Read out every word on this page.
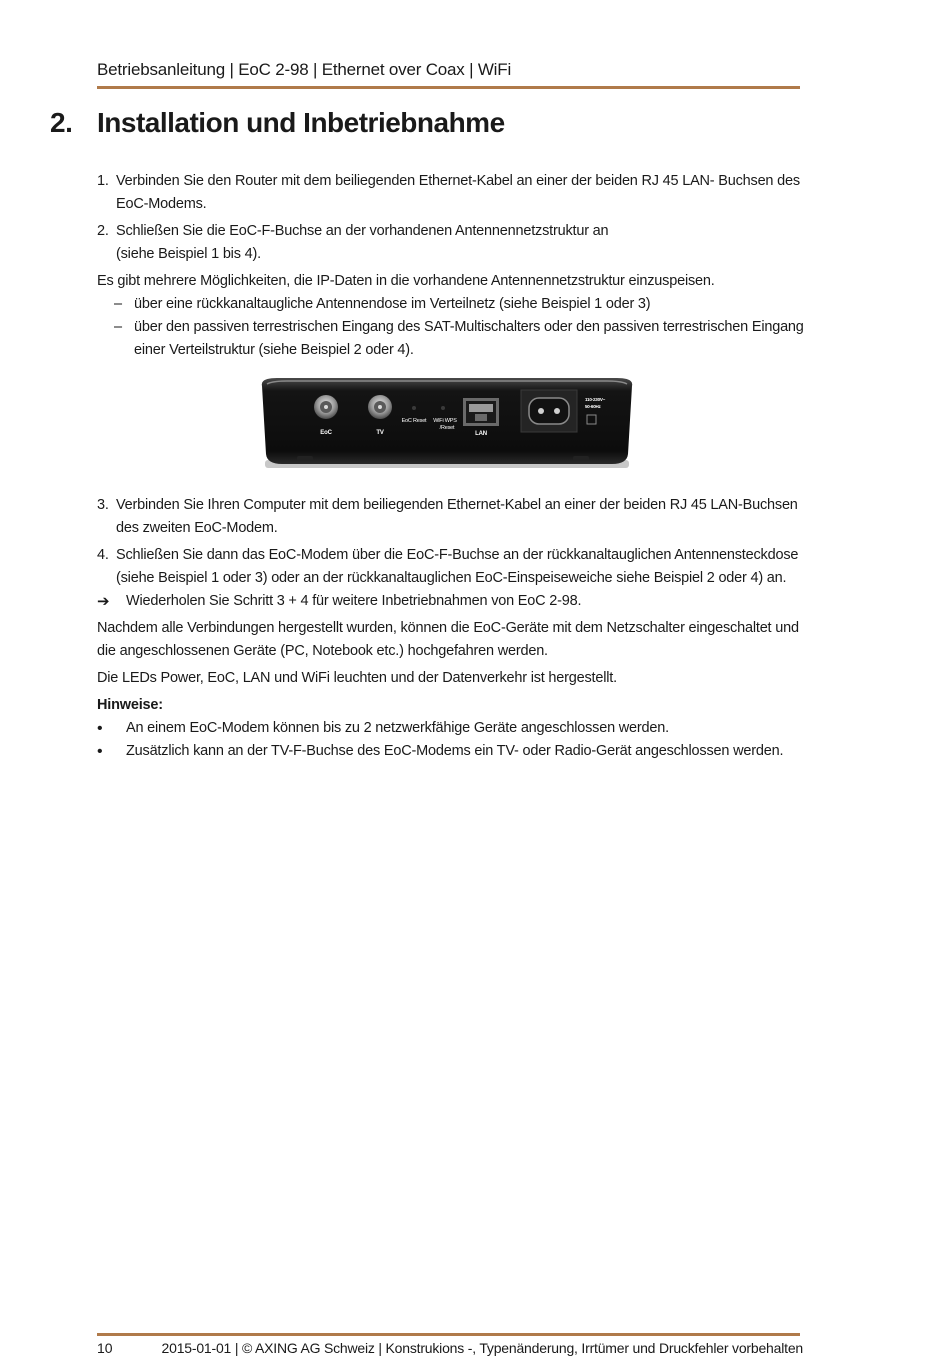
Betriebsanleitung | EoC 2-98 | Ethernet over Coax | WiFi
2. Installation und Inbetriebnahme
1. Verbinden Sie den Router mit dem beiliegenden Ethernet-Kabel an einer der beiden RJ 45 LAN- Buchsen des EoC-Modems.
2. Schließen Sie die EoC-F-Buchse an der vorhandenen Antennennetzstruktur an
(siehe Beispiel 1 bis 4).

Es gibt mehrere Möglichkeiten, die IP-Daten in die vorhandene Antennennetzstruktur einzuspeisen.

– über eine rückkanaltaugliche Antennendose im Verteilnetz (siehe Beispiel 1 oder 3)
– über den passiven terrestrischen Eingang des SAT-Multischalters oder den passiven terrestrischen Eingang einer Verteilstruktur (siehe Beispiel 2 oder 4).
EoC	TV
EoC Reset WiFi WPS
/Reset
LAN
110-230V~
50-60Hz
3. Verbinden Sie Ihren Computer mit dem beiliegenden Ethernet-Kabel an einer der beiden RJ 45 LAN-Buchsen des zweiten EoC-Modem.
4. Schließen Sie dann das EoC-Modem über die EoC-F-Buchse an der rückkanaltauglichen Antennensteckdose
(siehe Beispiel 1 oder 3) oder an der rückkanaltauglichen EoC-Einspeiseweiche siehe Beispiel 2 oder 4) an.
➔	Wiederholen Sie Schritt 3 + 4 für weitere Inbetriebnahmen von EoC 2-98.

Nachdem alle Verbindungen hergestellt wurden, können die EoC-Geräte mit dem Netzschalter eingeschaltet und die angeschlossenen Geräte (PC, Notebook etc.) hochgefahren werden.

Die LEDs Power, EoC, LAN und WiFi leuchten und der Datenverkehr ist hergestellt.

Hinweise:
•	An einem EoC-Modem können bis zu 2 netzwerkfähige Geräte angeschlossen werden.
•	Zusätzlich kann an der TV-F-Buchse des EoC-Modems ein TV- oder Radio-Gerät angeschlossen werden.
10	2015-01-01 | © AXING AG Schweiz | Konstrukions -, Typenänderung, Irrtümer und Druckfehler vorbehalten
